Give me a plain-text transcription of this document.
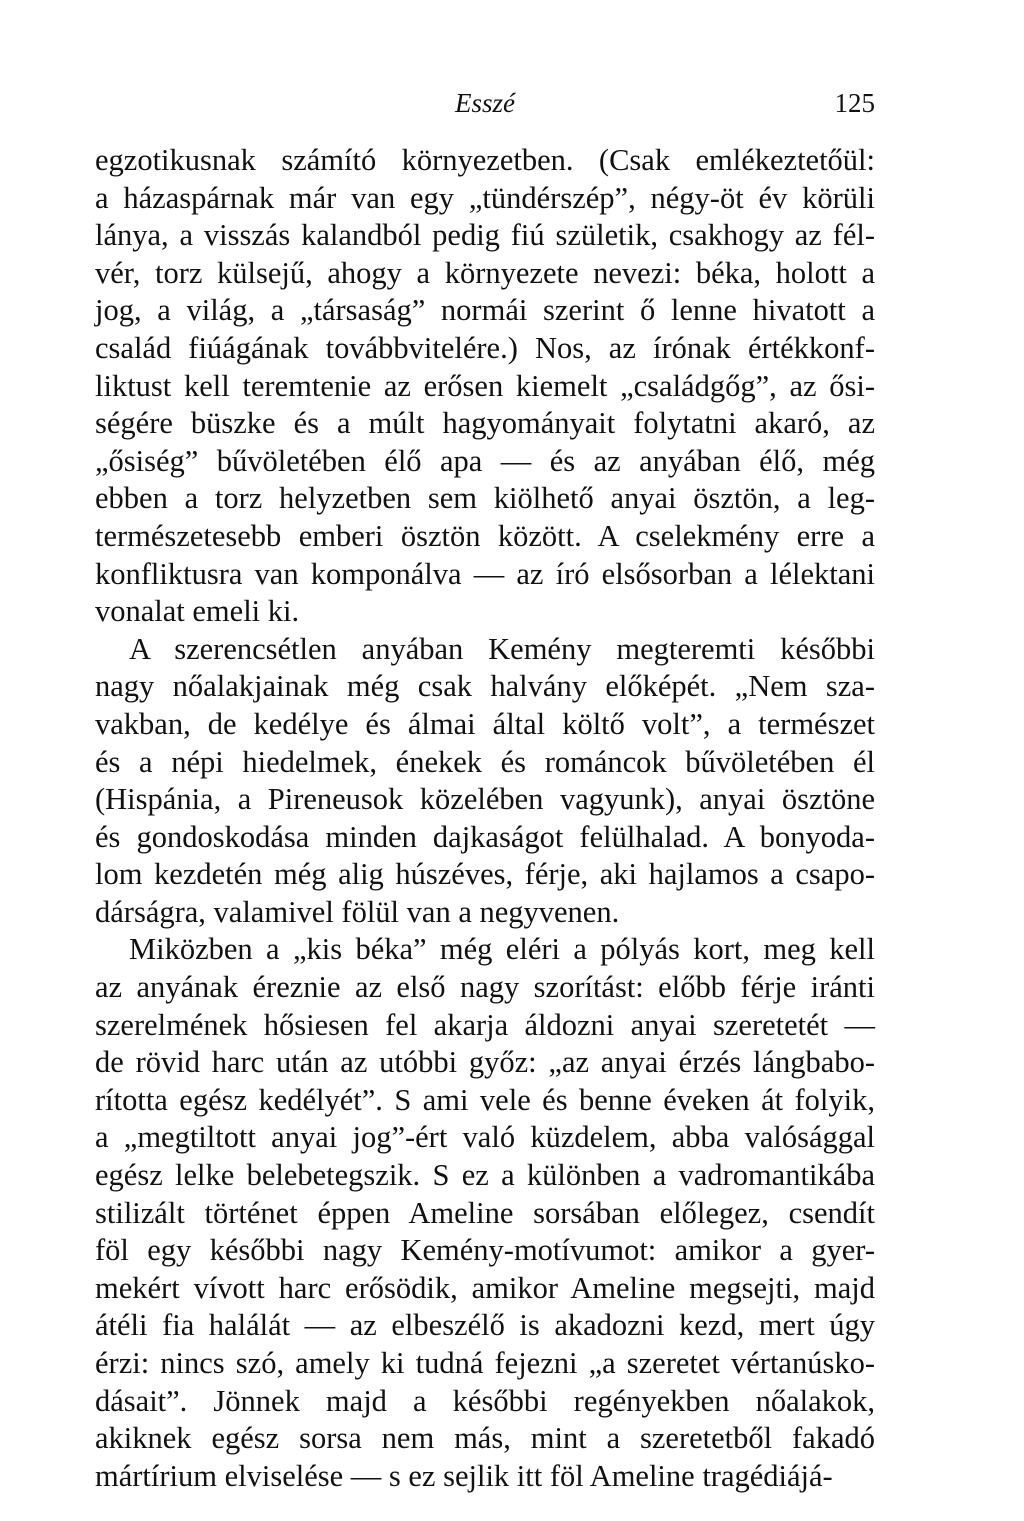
Esszé	125
egzotikusnak számító környezetben. (Csak emlékeztetőül:
a házaspárnak már van egy „tündérszép”, négy-öt év körüli
lánya, a visszás kalandból pedig fiú születik, csakhogy az fél-
vér, torz külsejű, ahogy a környezete nevezi: béka, holott a
jog, a világ, a „társaság” normái szerint ő lenne hivatott a
család fiúágának továbbvitelére.) Nos, az írónak értékkonf-
liktust kell teremtenie az erősen kiemelt „családgőg”, az ősi-
ségére büszke és a múlt hagyományait folytatni akaró, az
„ősiség” bűvöletében élő apa — és az anyában élő, még
ebben a torz helyzetben sem kiölhető anyai ösztön, a leg-
természetesebb emberi ösztön között. A cselekmény erre a
konfliktusra van komponálva — az író elsősorban a lélektani
vonalat emeli ki.
A szerencsétlen anyában Kemény megteremti későbbi
nagy nőalakjainak még csak halvány előképét. „Nem sza-
vakban, de kedélye és álmai által költő volt”, a természet
és a népi hiedelmek, énekek és románcok bűvöletében él
(Hispánia, a Pireneusok közelében vagyunk), anyai ösztöne
és gondoskodása minden dajkaságot felülhalad. A bonyoda-
lom kezdetén még alig húszéves, férje, aki hajlamos a csapo-
dárságra, valamivel fölül van a negyvenen.
Miközben a „kis béka” még eléri a pólyás kort, meg kell
az anyának éreznie az első nagy szorítást: előbb férje iránti
szerelmének hősiesen fel akarja áldozni anyai szeretetét —
de rövid harc után az utóbbi győz: „az anyai érzés lángbabo-
rította egész kedélyét”. S ami vele és benne éveken át folyik,
a „megtiltott anyai jog”-ért való küzdelem, abba valósággal
egész lelke belebetegszik. S ez a különben a vadromantikába
stilizált történet éppen Ameline sorsában előlegez, csendít
föl egy későbbi nagy Kemény-motívumot: amikor a gyer-
mekért vívott harc erősödik, amikor Ameline megsejti, majd
átéli fia halálát — az elbeszélő is akadozni kezd, mert úgy
érzi: nincs szó, amely ki tudná fejezni „a szeretet vértanúsko-
dásait”. Jönnek majd a későbbi regényekben nőalakok,
akiknek egész sorsa nem más, mint a szeretetből fakadó
mártírium elviselése — s ez sejlik itt föl Ameline tragédiájá-
